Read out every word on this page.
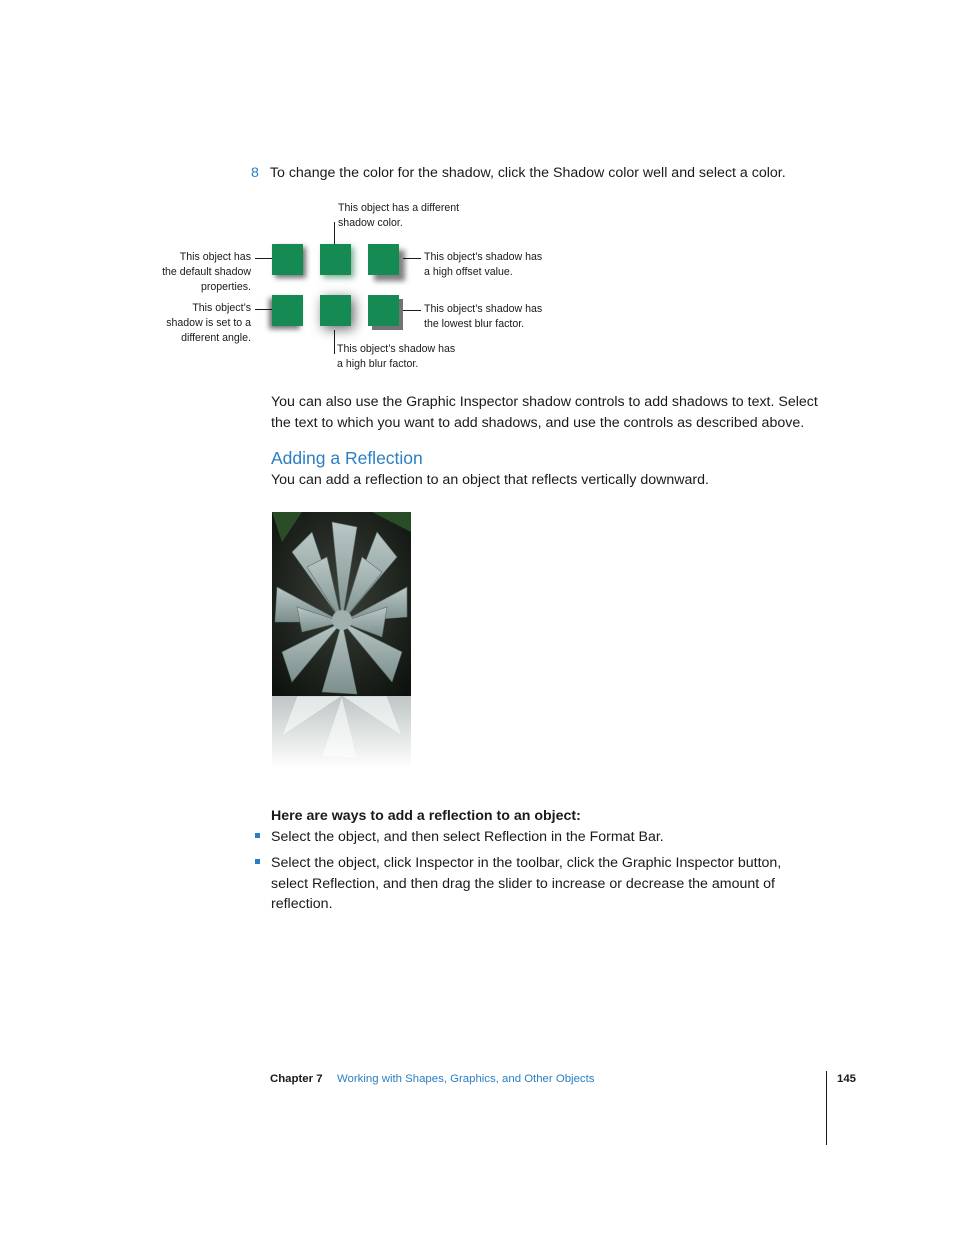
8 To change the color for the shadow, click the Shadow color well and select a color.
This object has a different
shadow color.
This object has
the default shadow
properties.
This object’s
shadow is set to a
different angle.
This object’s shadow has
a high offset value.
This object’s shadow has
the lowest blur factor.
This object’s shadow has
a high blur factor.
You can also use the Graphic Inspector shadow controls to add shadows to text. Select
the text to which you want to add shadows, and use the controls as described above.
Adding a Reflection
You can add a reflection to an object that reflects vertically downward.
Here are ways to add a reflection to an object:
Select the object, and then select Reflection in the Format Bar.
Select the object, click Inspector in the toolbar, click the Graphic Inspector button,
select Reflection, and then drag the slider to increase or decrease the amount of
reflection.
Chapter 7 Working with Shapes, Graphics, and Other Objects	145
